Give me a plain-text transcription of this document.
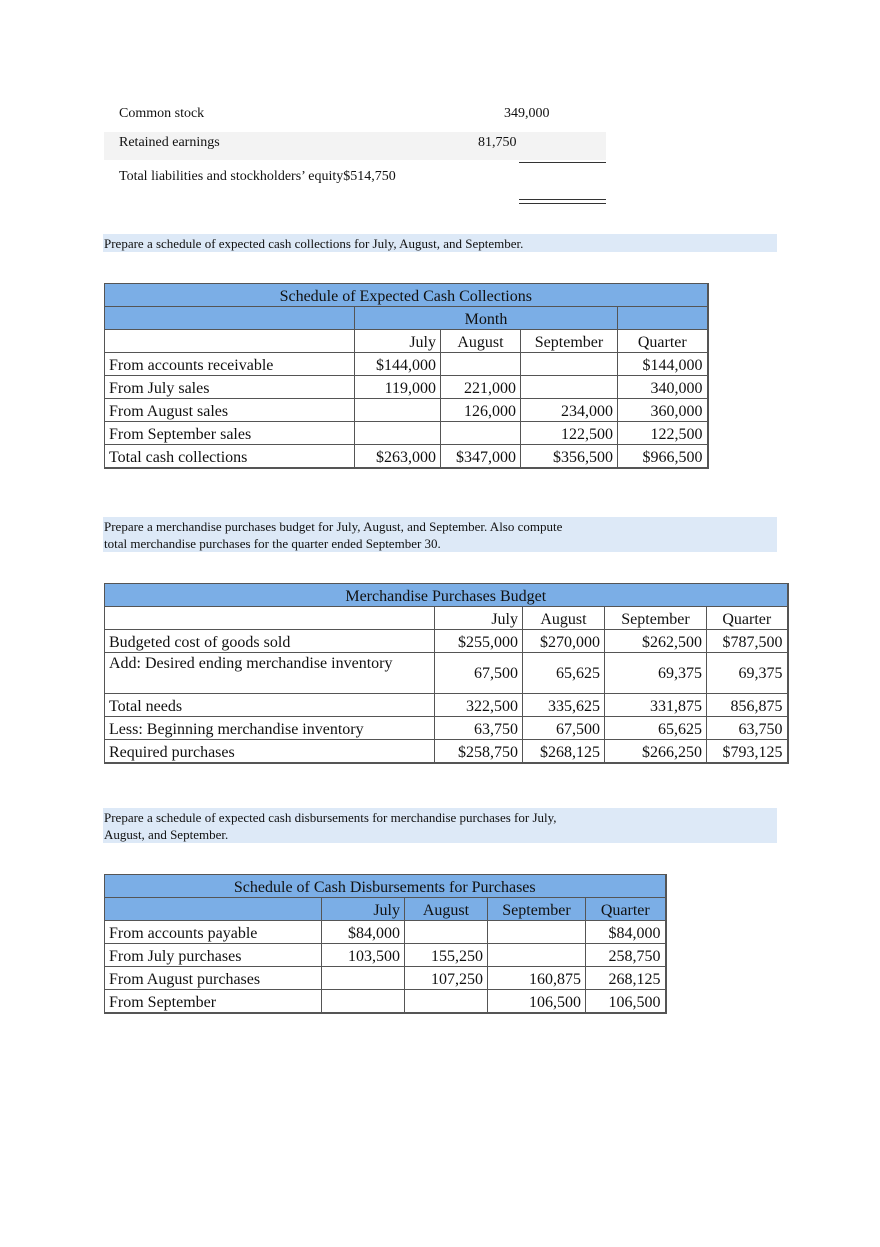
Common stock	349,000
Retained earnings	81,750
Total liabilities and stockholders’ equity$514,750
Prepare a schedule of expected cash collections for July, August, and September.
Schedule of Expected Cash Collections				
	Month			
	July	August	September	Quarter
From accounts receivable	$144,000			$144,000
From July sales	119,000	221,000		340,000
From August sales		126,000	234,000	360,000
From September sales			122,500	122,500
Total cash collections	$263,000	$347,000	$356,500	$966,500
Prepare a merchandise purchases budget for July, August, and September. Also compute
total merchandise purchases for the quarter ended September 30.
Merchandise Purchases Budget				
	July	August	September	Quarter
Budgeted cost of goods sold	$255,000	$270,000	$262,500	$787,500
Add: Desired ending merchandise inventory	67,500	65,625	69,375	69,375
Total needs	322,500	335,625	331,875	856,875
Less: Beginning merchandise inventory	63,750	67,500	65,625	63,750
Required purchases	$258,750	$268,125	$266,250	$793,125
Prepare a schedule of expected cash disbursements for merchandise purchases for July,
August, and September.
Schedule of Cash Disbursements for Purchases				
	July	August	September	Quarter
From accounts payable	$84,000			$84,000
From July purchases	103,500	155,250		258,750
From August purchases		107,250	160,875	268,125
From September			106,500	106,500
